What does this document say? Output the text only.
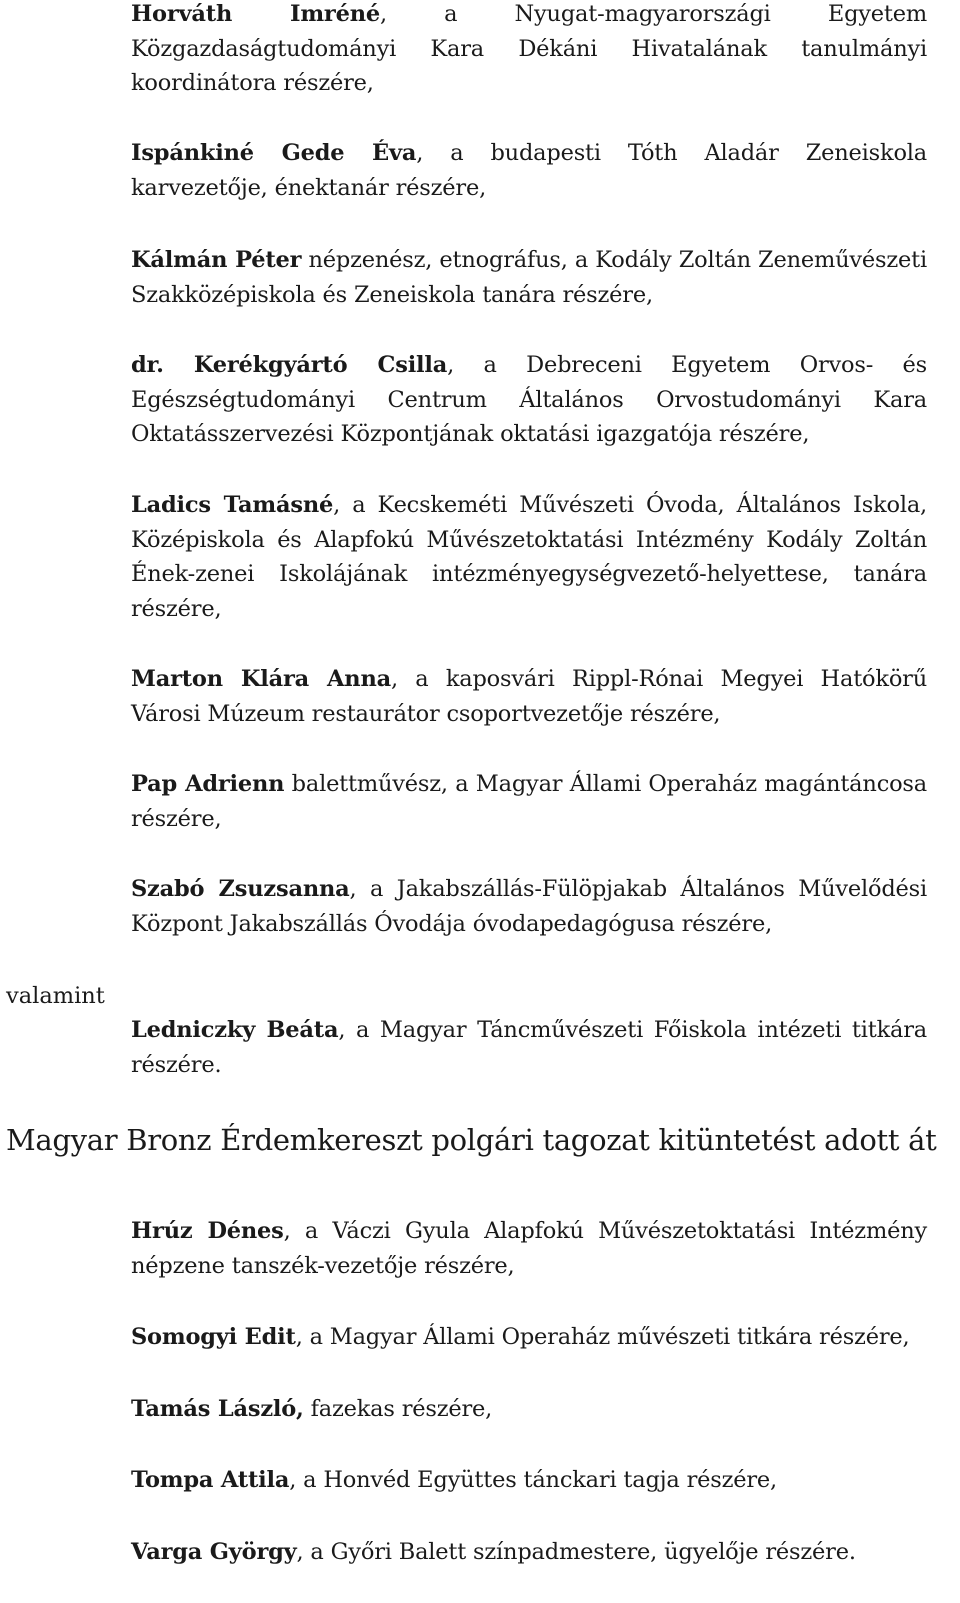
Horváth Imréné, a Nyugat-magyarországi Egyetem Közgazdaságtudományi Kara Dékáni Hivatalának tanulmányi koordinátora részére,
Ispánkiné Gede Éva, a budapesti Tóth Aladár Zeneiskola karvezetője, énektanár részére,
Kálmán Péter népzenész, etnográfus, a Kodály Zoltán Zeneművészeti Szakközépiskola és Zeneiskola tanára részére,
dr. Kerékgyártó Csilla, a Debreceni Egyetem Orvos- és Egészségtudományi Centrum Általános Orvostudományi Kara Oktatásszervezési Központjának oktatási igazgatója részére,
Ladics Tamásné, a Kecskeméti Művészeti Óvoda, Általános Iskola, Középiskola és Alapfokú Művészetoktatási Intézmény Kodály Zoltán Ének-zenei Iskolájának intézményegységvezető-helyettese, tanára részére,
Marton Klára Anna, a kaposvári Rippl-Rónai Megyei Hatókörű Városi Múzeum restaurátor csoportvezetője részére,
Pap Adrienn balettművész, a Magyar Állami Operaház magántáncosa részére,
Szabó Zsuzsanna, a Jakabszállás-Fülöpjakab Általános Művelődési Központ Jakabszállás Óvodája óvodapedagógusa részére,
valamint
Ledniczky Beáta, a Magyar Táncművészeti Főiskola intézeti titkára részére.
Magyar Bronz Érdemkereszt polgári tagozat kitüntetést adott át
Hrúz Dénes, a Váczi Gyula Alapfokú Művészetoktatási Intézmény népzene tanszék-vezetője részére,
Somogyi Edit, a Magyar Állami Operaház művészeti titkára részére,
Tamás László, fazekas részére,
Tompa Attila, a Honvéd Együttes tánckari tagja részére,
Varga György, a Győri Balett színpadmestere, ügyelője részére.
